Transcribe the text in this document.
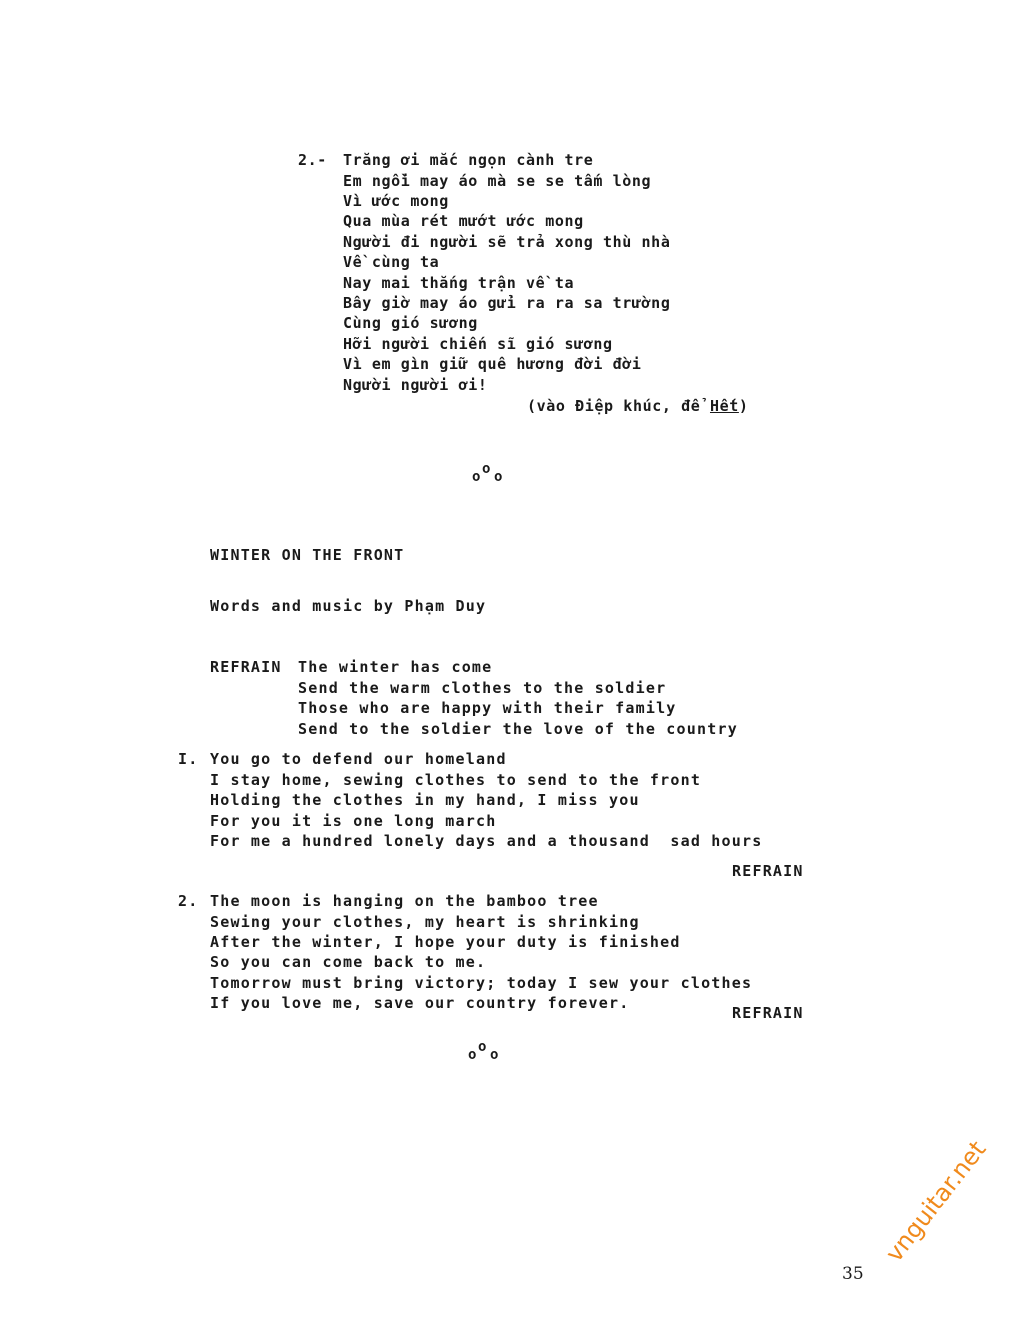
2.- Trăng ơi mắc ngọn cành tre
Em ngồi may áo mà se se tấm lòng
Vì ước mong
Qua mùa rét mướt ước mong
Người đi người sẽ trả xong thù nhà
Về cùng ta
Nay mai thắng trận về ta
Bây giờ may áo gửi ra ra sa trường
Cùng gió sương
Hỡi người chiến sĩ gió sương
Vì em gìn giữ quê hương đời đời
Người người ơi!
(vào Điệp khúc, để Hết)
o
o o
WINTER ON THE FRONT
Words and music by Phạm Duy
REFRAIN The winter has come
Send the warm clothes to the soldier
Those who are happy with their family
Send to the soldier the love of the country
I. You go to defend our homeland
I stay home, sewing clothes to send to the front
Holding the clothes in my hand, I miss you
For you it is one long march
For me a hundred lonely days and a thousand  sad hours
REFRAIN
2. The moon is hanging on the bamboo tree
Sewing your clothes, my heart is shrinking
After the winter, I hope your duty is finished
So you can come back to me.
Tomorrow must bring victory; today I sew your clothes
If you love me, save our country forever.
REFRAIN
o
o o
35
vnguitar.net
